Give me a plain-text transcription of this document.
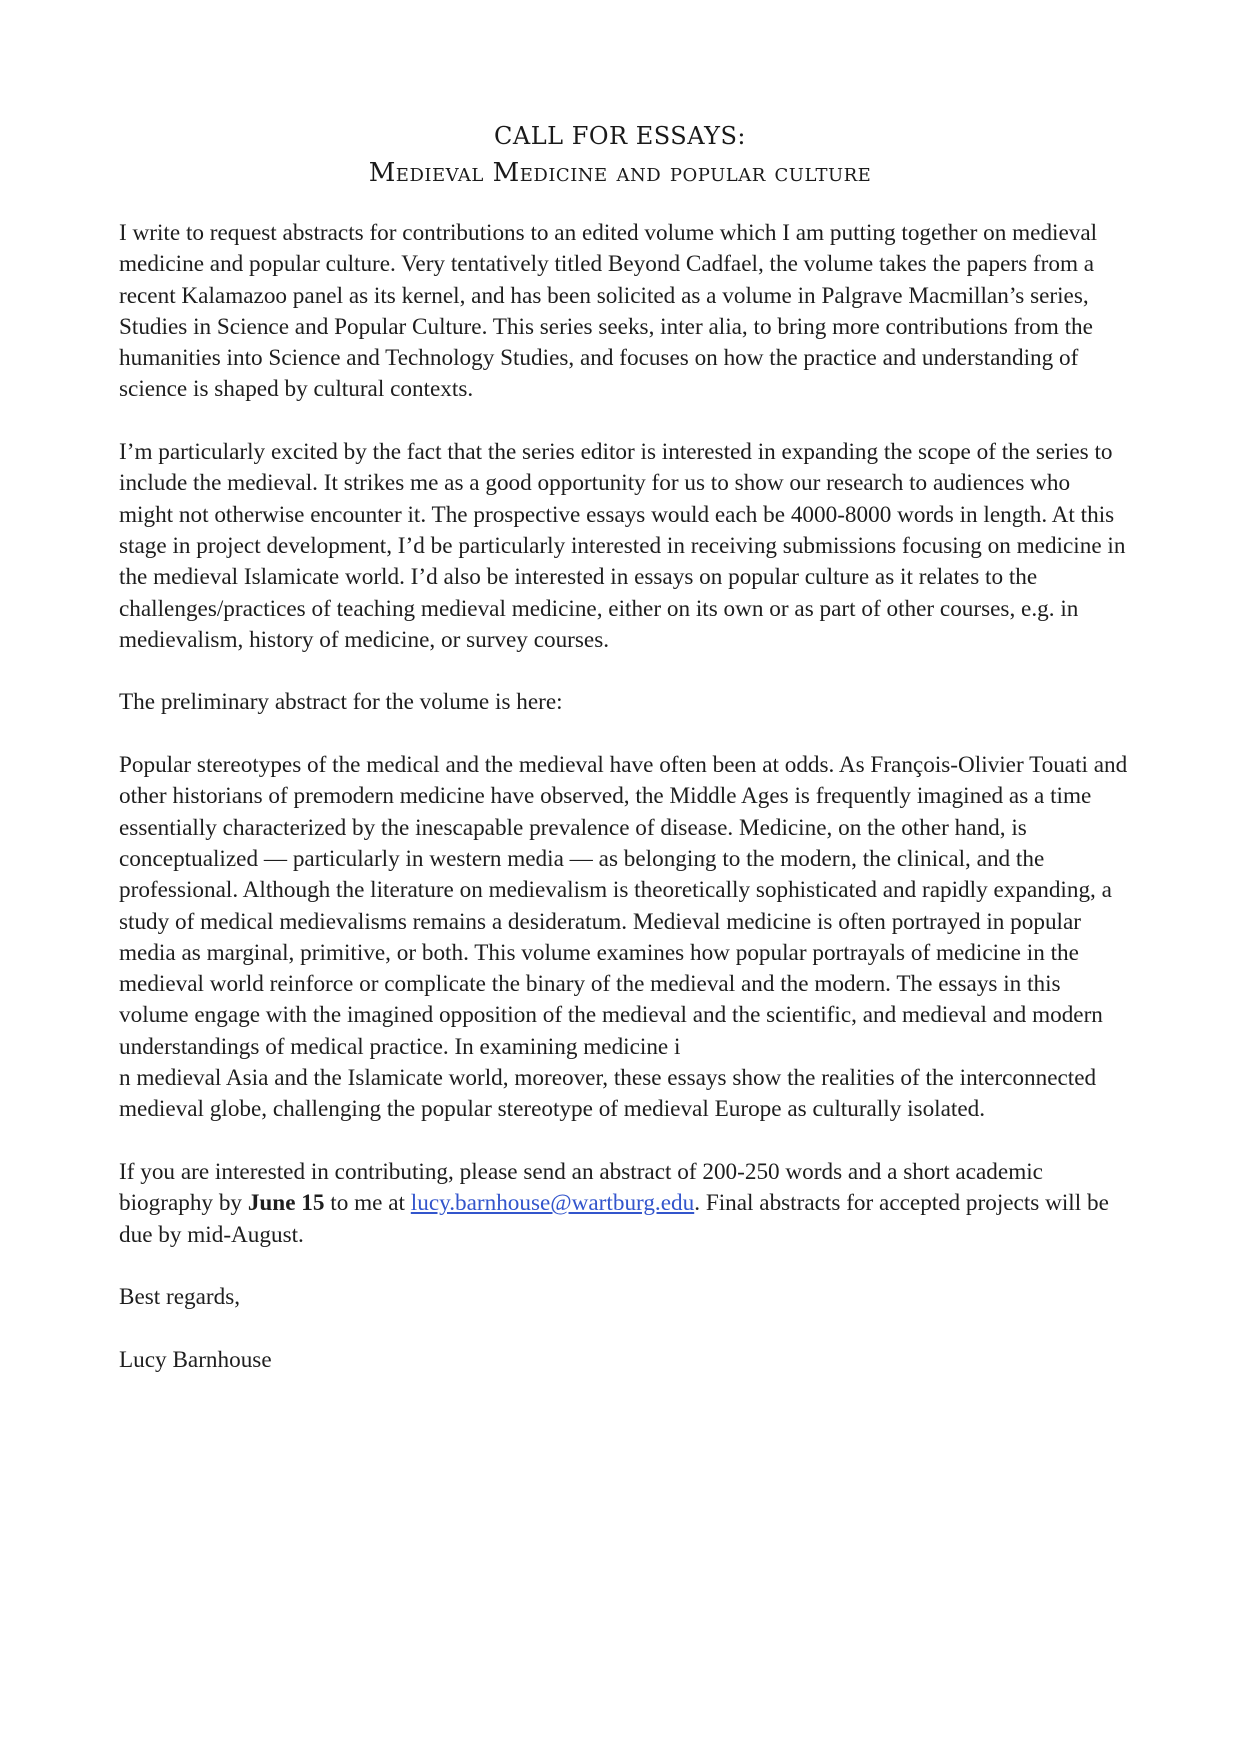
CALL FOR ESSAYS:
Medieval Medicine and popular culture

I write to request abstracts for contributions to an edited volume which I am putting together on medieval medicine and popular culture. Very tentatively titled Beyond Cadfael, the volume takes the papers from a recent Kalamazoo panel as its kernel, and has been solicited as a volume in Palgrave Macmillan’s series, Studies in Science and Popular Culture. This series seeks, inter alia, to bring more contributions from the humanities into Science and Technology Studies, and focuses on how the practice and understanding of science is shaped by cultural contexts.

I’m particularly excited by the fact that the series editor is interested in expanding the scope of the series to include the medieval. It strikes me as a good opportunity for us to show our research to audiences who might not otherwise encounter it. The prospective essays would each be 4000-8000 words in length. At this stage in project development, I’d be particularly interested in receiving submissions focusing on medicine in the medieval Islamicate world. I’d also be interested in essays on popular culture as it relates to the challenges/practices of teaching medieval medicine, either on its own or as part of other courses, e.g. in medievalism, history of medicine, or survey courses.

The preliminary abstract for the volume is here:

Popular stereotypes of the medical and the medieval have often been at odds. As François-Olivier Touati and other historians of premodern medicine have observed, the Middle Ages is frequently imagined as a time essentially characterized by the inescapable prevalence of disease. Medicine, on the other hand, is conceptualized — particularly in western media — as belonging to the modern, the clinical, and the professional. Although the literature on medievalism is theoretically sophisticated and rapidly expanding, a study of medical medievalisms remains a desideratum. Medieval medicine is often portrayed in popular media as marginal, primitive, or both. This volume examines how popular portrayals of medicine in the medieval world reinforce or complicate the binary of the medieval and the modern. The essays in this volume engage with the imagined opposition of the medieval and the scientific, and medieval and modern understandings of medical practice. In examining medicine i

n medieval Asia and the Islamicate world, moreover, these essays show the realities of the interconnected medieval globe, challenging the popular stereotype of medieval Europe as culturally isolated.

If you are interested in contributing, please send an abstract of 200-250 words and a short academic biography by June 15 to me at lucy.barnhouse@wartburg.edu. Final abstracts for accepted projects will be due by mid-August.

Best regards,

Lucy Barnhouse
